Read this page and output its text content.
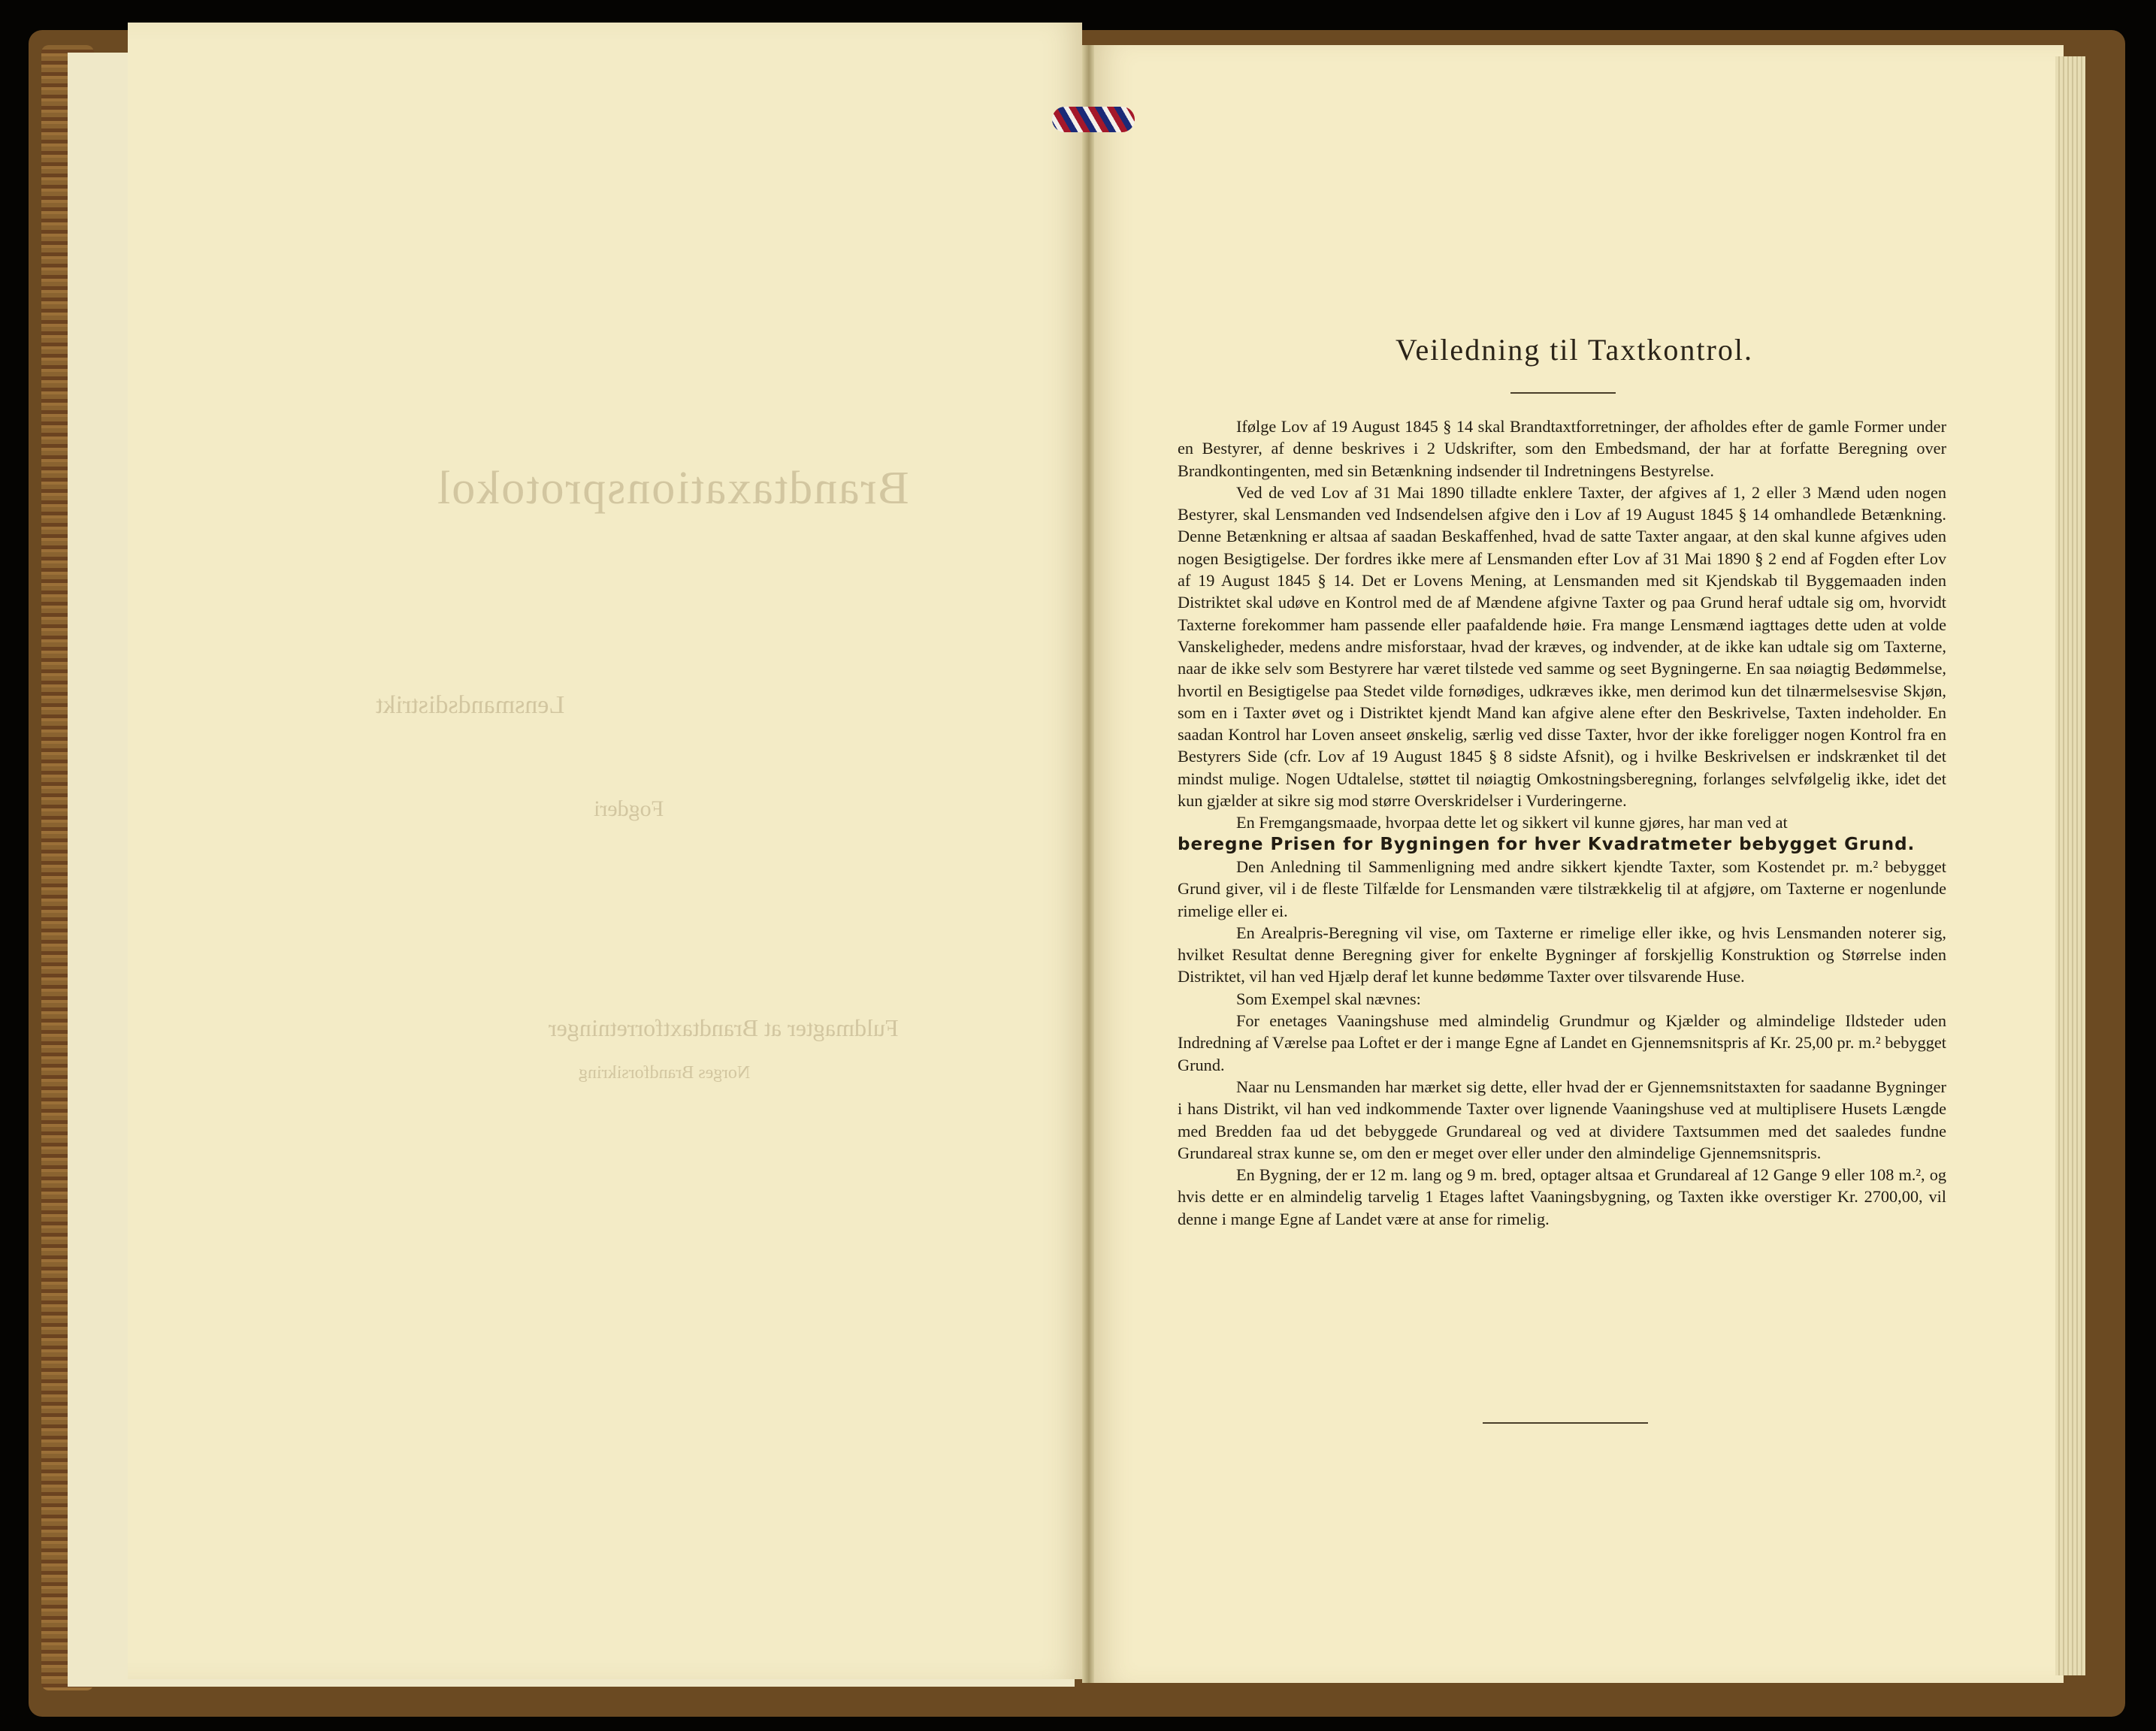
Brandtaxationsprotokol
Lensmandsdistrikt
Fogderi
Fuldmagter at Brandtaxtforretninger
Norges Brandforsikring
Veiledning til Taxtkontrol.

Ifølge Lov af 19 August 1845 § 14 skal Brandtaxtforretninger, der afholdes efter de gamle Former under en Bestyrer, af denne beskrives i 2 Udskrifter, som den Embedsmand, der har at forfatte Beregning over Brandkontingenten, med sin Betænkning indsender til Indretningens Bestyrelse.

Ved de ved Lov af 31 Mai 1890 tilladte enklere Taxter, der afgives af 1, 2 eller 3 Mænd uden nogen Bestyrer, skal Lensmanden ved Indsendelsen afgive den i Lov af 19 August 1845 § 14 omhandlede Betænkning. Denne Betænkning er altsaa af saadan Beskaffenhed, hvad de satte Taxter angaar, at den skal kunne afgives uden nogen Besigtigelse. Der fordres ikke mere af Lensmanden efter Lov af 31 Mai 1890 § 2 end af Fogden efter Lov af 19 August 1845 § 14. Det er Lovens Mening, at Lensmanden med sit Kjendskab til Byggemaaden inden Distriktet skal udøve en Kontrol med de af Mændene afgivne Taxter og paa Grund heraf udtale sig om, hvorvidt Taxterne forekommer ham passende eller paafaldende høie. Fra mange Lensmænd iagttages dette uden at volde Vanskeligheder, medens andre misforstaar, hvad der kræves, og indvender, at de ikke kan udtale sig om Taxterne, naar de ikke selv som Bestyrere har været tilstede ved samme og seet Bygningerne. En saa nøiagtig Bedømmelse, hvortil en Besigtigelse paa Stedet vilde fornødiges, udkræves ikke, men derimod kun det tilnærmelsesvise Skjøn, som en i Taxter øvet og i Distriktet kjendt Mand kan afgive alene efter den Beskrivelse, Taxten indeholder. En saadan Kontrol har Loven anseet ønskelig, særlig ved disse Taxter, hvor der ikke foreligger nogen Kontrol fra en Bestyrers Side (cfr. Lov af 19 August 1845 § 8 sidste Afsnit), og i hvilke Beskrivelsen er indskrænket til det mindst mulige. Nogen Udtalelse, støttet til nøiagtig Omkostningsberegning, forlanges selvfølgelig ikke, idet det kun gjælder at sikre sig mod større Overskridelser i Vurderingerne.

En Fremgangsmaade, hvorpaa dette let og sikkert vil kunne gjøres, har man ved at

beregne Prisen for Bygningen for hver Kvadratmeter bebygget Grund.

Den Anledning til Sammenligning med andre sikkert kjendte Taxter, som Kostendet pr. m.² bebygget Grund giver, vil i de fleste Tilfælde for Lensmanden være tilstrækkelig til at afgjøre, om Taxterne er nogenlunde rimelige eller ei.

En Arealpris-Beregning vil vise, om Taxterne er rimelige eller ikke, og hvis Lensmanden noterer sig, hvilket Resultat denne Beregning giver for enkelte Bygninger af forskjellig Konstruktion og Størrelse inden Distriktet, vil han ved Hjælp deraf let kunne bedømme Taxter over tilsvarende Huse.

Som Exempel skal nævnes:

For enetages Vaaningshuse med almindelig Grundmur og Kjælder og almindelige Ildsteder uden Indredning af Værelse paa Loftet er der i mange Egne af Landet en Gjennemsnitspris af Kr. 25,00 pr. m.² bebygget Grund.

Naar nu Lensmanden har mærket sig dette, eller hvad der er Gjennemsnitstaxten for saadanne Bygninger i hans Distrikt, vil han ved indkommende Taxter over lignende Vaaningshuse ved at multiplisere Husets Længde med Bredden faa ud det bebyggede Grundareal og ved at dividere Taxtsummen med det saaledes fundne Grundareal strax kunne se, om den er meget over eller under den almindelige Gjennemsnitspris.

En Bygning, der er 12 m. lang og 9 m. bred, optager altsaa et Grundareal af 12 Gange 9 eller 108 m.², og hvis dette er en almindelig tarvelig 1 Etages laftet Vaaningsbygning, og Taxten ikke overstiger Kr. 2700,00, vil denne i mange Egne af Landet være at anse for rimelig.
